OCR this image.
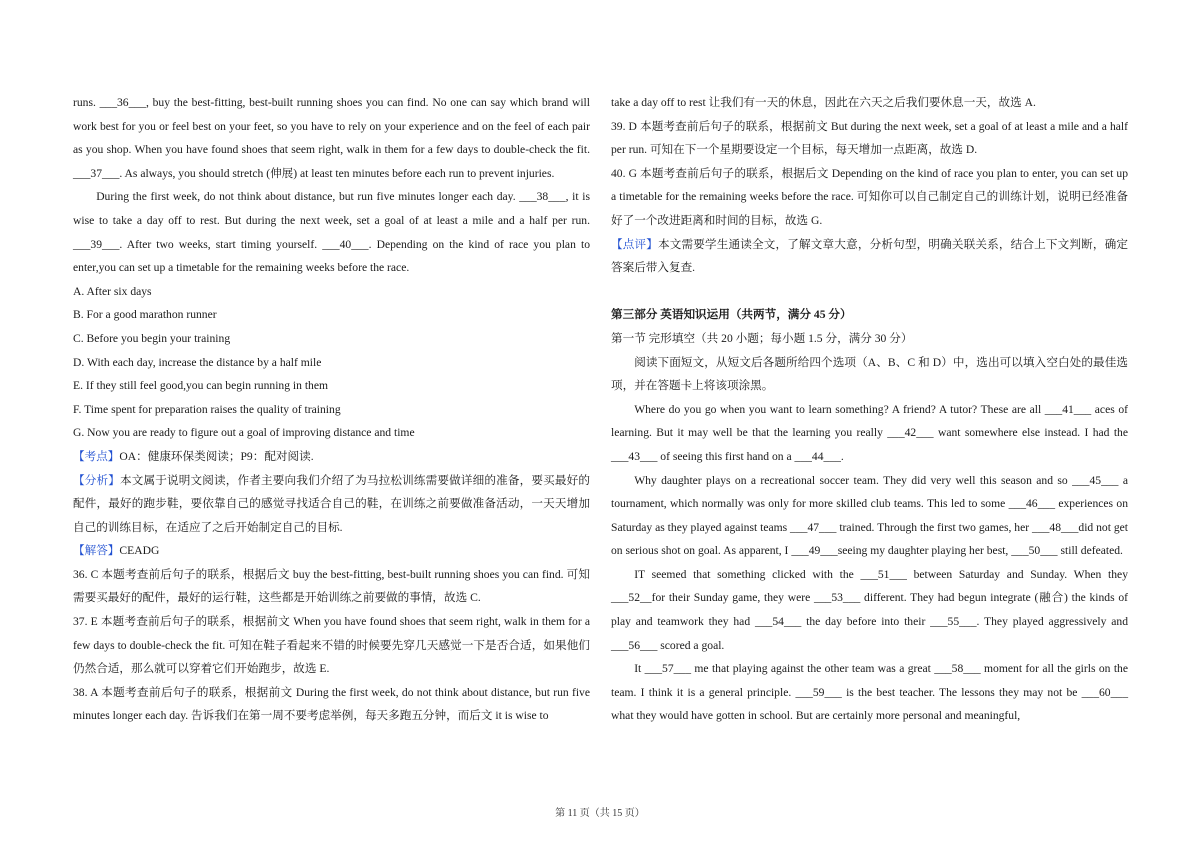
runs. ___36___, buy the best-fitting, best-built running shoes you can find. No one can say which brand will work best for you or feel best on your feet, so you have to rely on your experience and on the feel of each pair as you shop. When you have found shoes that seem right, walk in them for a few days to double-check the fit. ___37___. As always, you should stretch (伸展) at least ten minutes before each run to prevent injuries.

During the first week, do not think about distance, but run five minutes longer each day. ___38___, it is wise to take a day off to rest. But during the next week, set a goal of at least a mile and a half per run. ___39___. After two weeks, start timing yourself. ___40___. Depending on the kind of race you plan to enter,you can set up a timetable for the remaining weeks before the race.

A. After six days

B. For a good marathon runner

C. Before you begin your training

D. With each day, increase the distance by a half mile

E. If they still feel good,you can begin running in them

F. Time spent for preparation raises the quality of training

G. Now you are ready to figure out a goal of improving distance and time

【考点】OA：健康环保类阅读；P9：配对阅读.

【分析】本文属于说明文阅读，作者主要向我们介绍了为马拉松训练需要做详细的准备，要买最好的配件，最好的跑步鞋，要依靠自己的感觉寻找适合自己的鞋，在训练之前要做准备活动，一天天增加自己的训练目标，在适应了之后开始制定自己的目标.

【解答】CEADG

36. C 本题考查前后句子的联系，根据后文 buy the best-fitting, best-built running shoes you can find. 可知需要买最好的配件，最好的运行鞋，这些都是开始训练之前要做的事情，故选 C.

37. E 本题考查前后句子的联系，根据前文 When you have found shoes that seem right, walk in them for a few days to double-check the fit. 可知在鞋子看起来不错的时候要先穿几天感觉一下是否合适，如果他们仍然合适，那么就可以穿着它们开始跑步，故选 E.

38. A 本题考查前后句子的联系，根据前文 During the first week, do not think about distance, but run five minutes longer each day. 告诉我们在第一周不要考虑举例，每天多跑五分钟，而后文 it is wise to

take a day off to rest 让我们有一天的休息，因此在六天之后我们要休息一天，故选 A.

39. D 本题考查前后句子的联系，根据前文 But during the next week, set a goal of at least a mile and a half per run. 可知在下一个星期要设定一个目标，每天增加一点距离，故选 D.

40. G 本题考查前后句子的联系，根据后文 Depending on the kind of race you plan to enter, you can set up a timetable for the remaining weeks before the race. 可知你可以自己制定自己的训练计划，说明已经准备好了一个改进距离和时间的目标，故选 G.

【点评】本文需要学生通读全文，了解文章大意，分析句型，明确关联关系，结合上下文判断，确定答案后带入复查.

第三部分 英语知识运用（共两节，满分 45 分）

第一节 完形填空（共 20 小题；每小题 1.5 分，满分 30 分）

阅读下面短文，从短文后各题所给四个选项（A、B、C 和 D）中，选出可以填入空白处的最佳选项，并在答题卡上将该项涂黑。

Where do you go when you want to learn something? A friend? A tutor? These are all ___41___ aces of learning. But it may well be that the learning you really ___42___ want somewhere else instead. I had the ___43___ of seeing this first hand on a ___44___.

Why daughter plays on a recreational soccer team. They did very well this season and so ___45___ a tournament, which normally was only for more skilled club teams. This led to some ___46___ experiences on Saturday as they played against teams ___47___ trained. Through the first two games, her ___48___did not get on serious shot on goal. As apparent, I ___49___seeing my daughter playing her best, ___50___ still defeated.

IT seemed that something clicked with the ___51___ between Saturday and Sunday. When they ___52__for their Sunday game, they were ___53___ different. They had begun integrate (融合) the kinds of play and teamwork they had ___54___ the day before into their ___55___. They played aggressively and ___56___ scored a goal.

It ___57___ me that playing against the other team was a great ___58___ moment for all the girls on the team. I think it is a general principle. ___59___ is the best teacher. The lessons they may not be ___60___ what they would have gotten in school. But are certainly more personal and meaningful,

第 11 页（共 15 页）
